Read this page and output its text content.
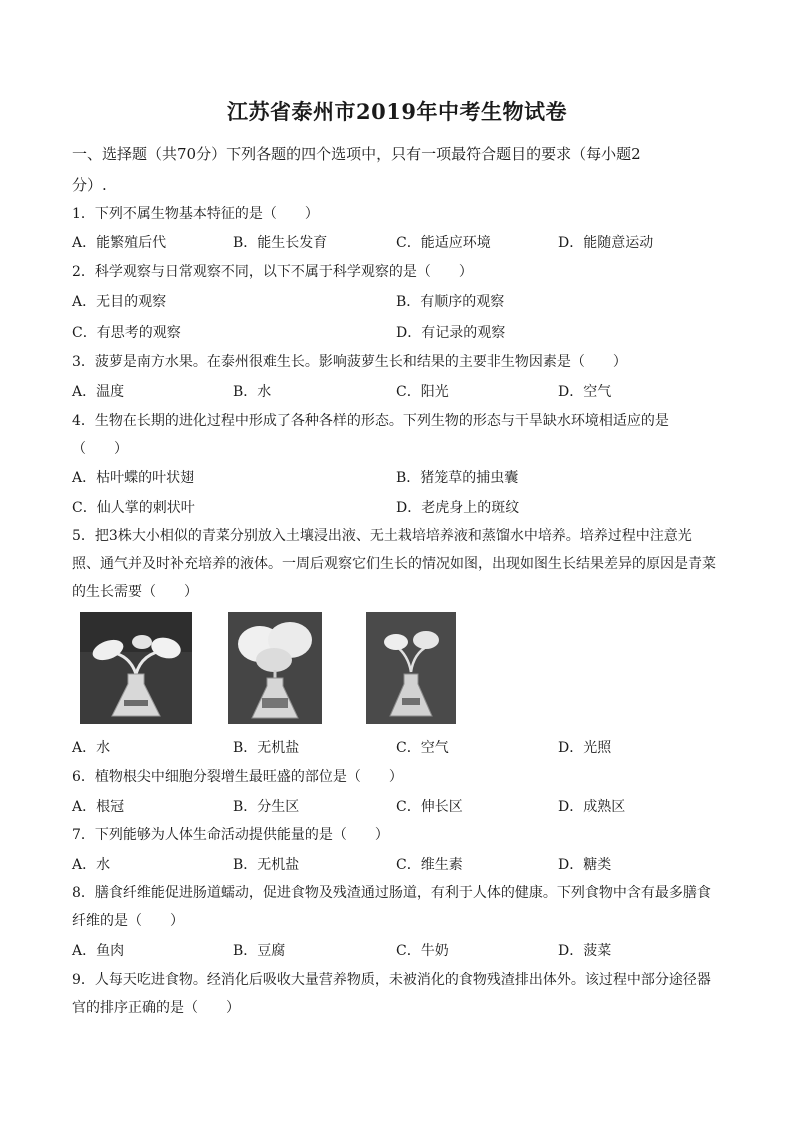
江苏省泰州市2019年中考生物试卷
一、选择题（共70分）下列各题的四个选项中，只有一项最符合题目的要求（每小题2
分）.
1．下列不属生物基本特征的是（　　）
A．能繁殖后代	B．能生长发育	C．能适应环境	D．能随意运动
2．科学观察与日常观察不同，以下不属于科学观察的是（　　）
A．无目的观察	B．有顺序的观察
C．有思考的观察	D．有记录的观察
3．菠萝是南方水果。在泰州很难生长。影响菠萝生长和结果的主要非生物因素是（　　）
A．温度	B．水	C．阳光	D．空气
4．生物在长期的进化过程中形成了各种各样的形态。下列生物的形态与干旱缺水环境相适应的是
（　　）
A．枯叶蝶的叶状翅	B．猪笼草的捕虫囊
C．仙人掌的刺状叶	D．老虎身上的斑纹
5．把3株大小相似的青菜分别放入土壤浸出液、无土栽培培养液和蒸馏水中培养。培养过程中注意光
照、通气并及时补充培养的液体。一周后观察它们生长的情况如图，出现如图生长结果差异的原因是青菜
的生长需要（　　）
A．水	B．无机盐	C．空气	D．光照
6．植物根尖中细胞分裂增生最旺盛的部位是（　　）
A．根冠	B．分生区	C．伸长区	D．成熟区
7．下列能够为人体生命活动提供能量的是（　　）
A．水	B．无机盐	C．维生素	D．糖类
8．膳食纤维能促进肠道蠕动，促进食物及残渣通过肠道，有利于人体的健康。下列食物中含有最多膳食
纤维的是（　　）
A．鱼肉	B．豆腐	C．牛奶	D．菠菜
9．人每天吃进食物。经消化后吸收大量营养物质，未被消化的食物残渣排出体外。该过程中部分途径器
官的排序正确的是（　　）
